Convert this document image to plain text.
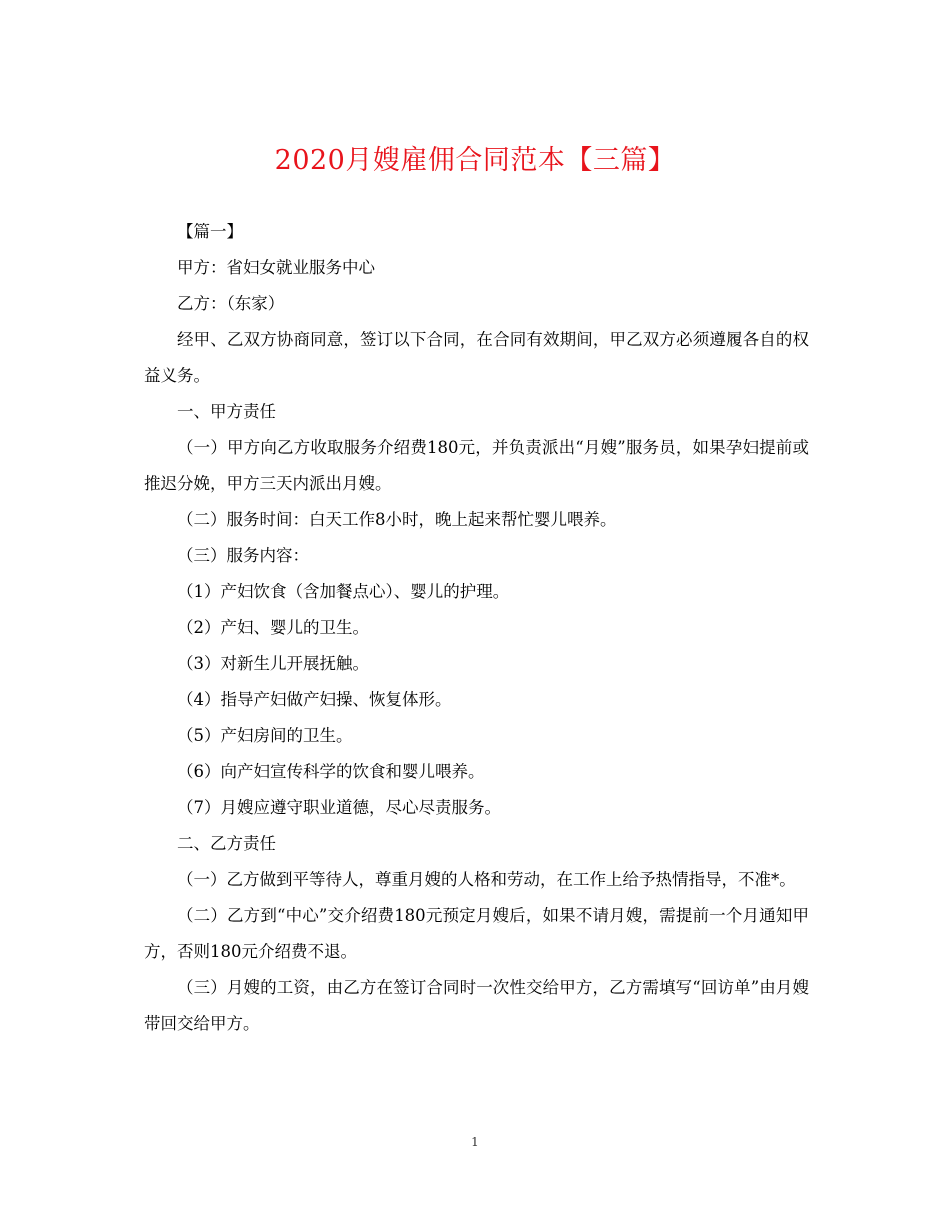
2020月嫂雇佣合同范本【三篇】

【篇一】

甲方：省妇女就业服务中心

乙方：（东家）

经甲、乙双方协商同意，签订以下合同，在合同有效期间，甲乙双方必须遵履各自的权益义务。

一、甲方责任

（一）甲方向乙方收取服务介绍费180元，并负责派出“月嫂”服务员，如果孕妇提前或推迟分娩，甲方三天内派出月嫂。

（二）服务时间：白天工作8小时，晚上起来帮忙婴儿喂养。

（三）服务内容：

（1）产妇饮食（含加餐点心）、婴儿的护理。

（2）产妇、婴儿的卫生。

（3）对新生儿开展抚触。

（4）指导产妇做产妇操、恢复体形。

（5）产妇房间的卫生。

（6）向产妇宣传科学的饮食和婴儿喂养。

（7）月嫂应遵守职业道德，尽心尽责服务。

二、乙方责任

（一）乙方做到平等待人，尊重月嫂的人格和劳动，在工作上给予热情指导，不准*。

（二）乙方到“中心”交介绍费180元预定月嫂后，如果不请月嫂，需提前一个月通知甲方，否则180元介绍费不退。

（三）月嫂的工资，由乙方在签订合同时一次性交给甲方，乙方需填写“回访单”由月嫂带回交给甲方。

1
